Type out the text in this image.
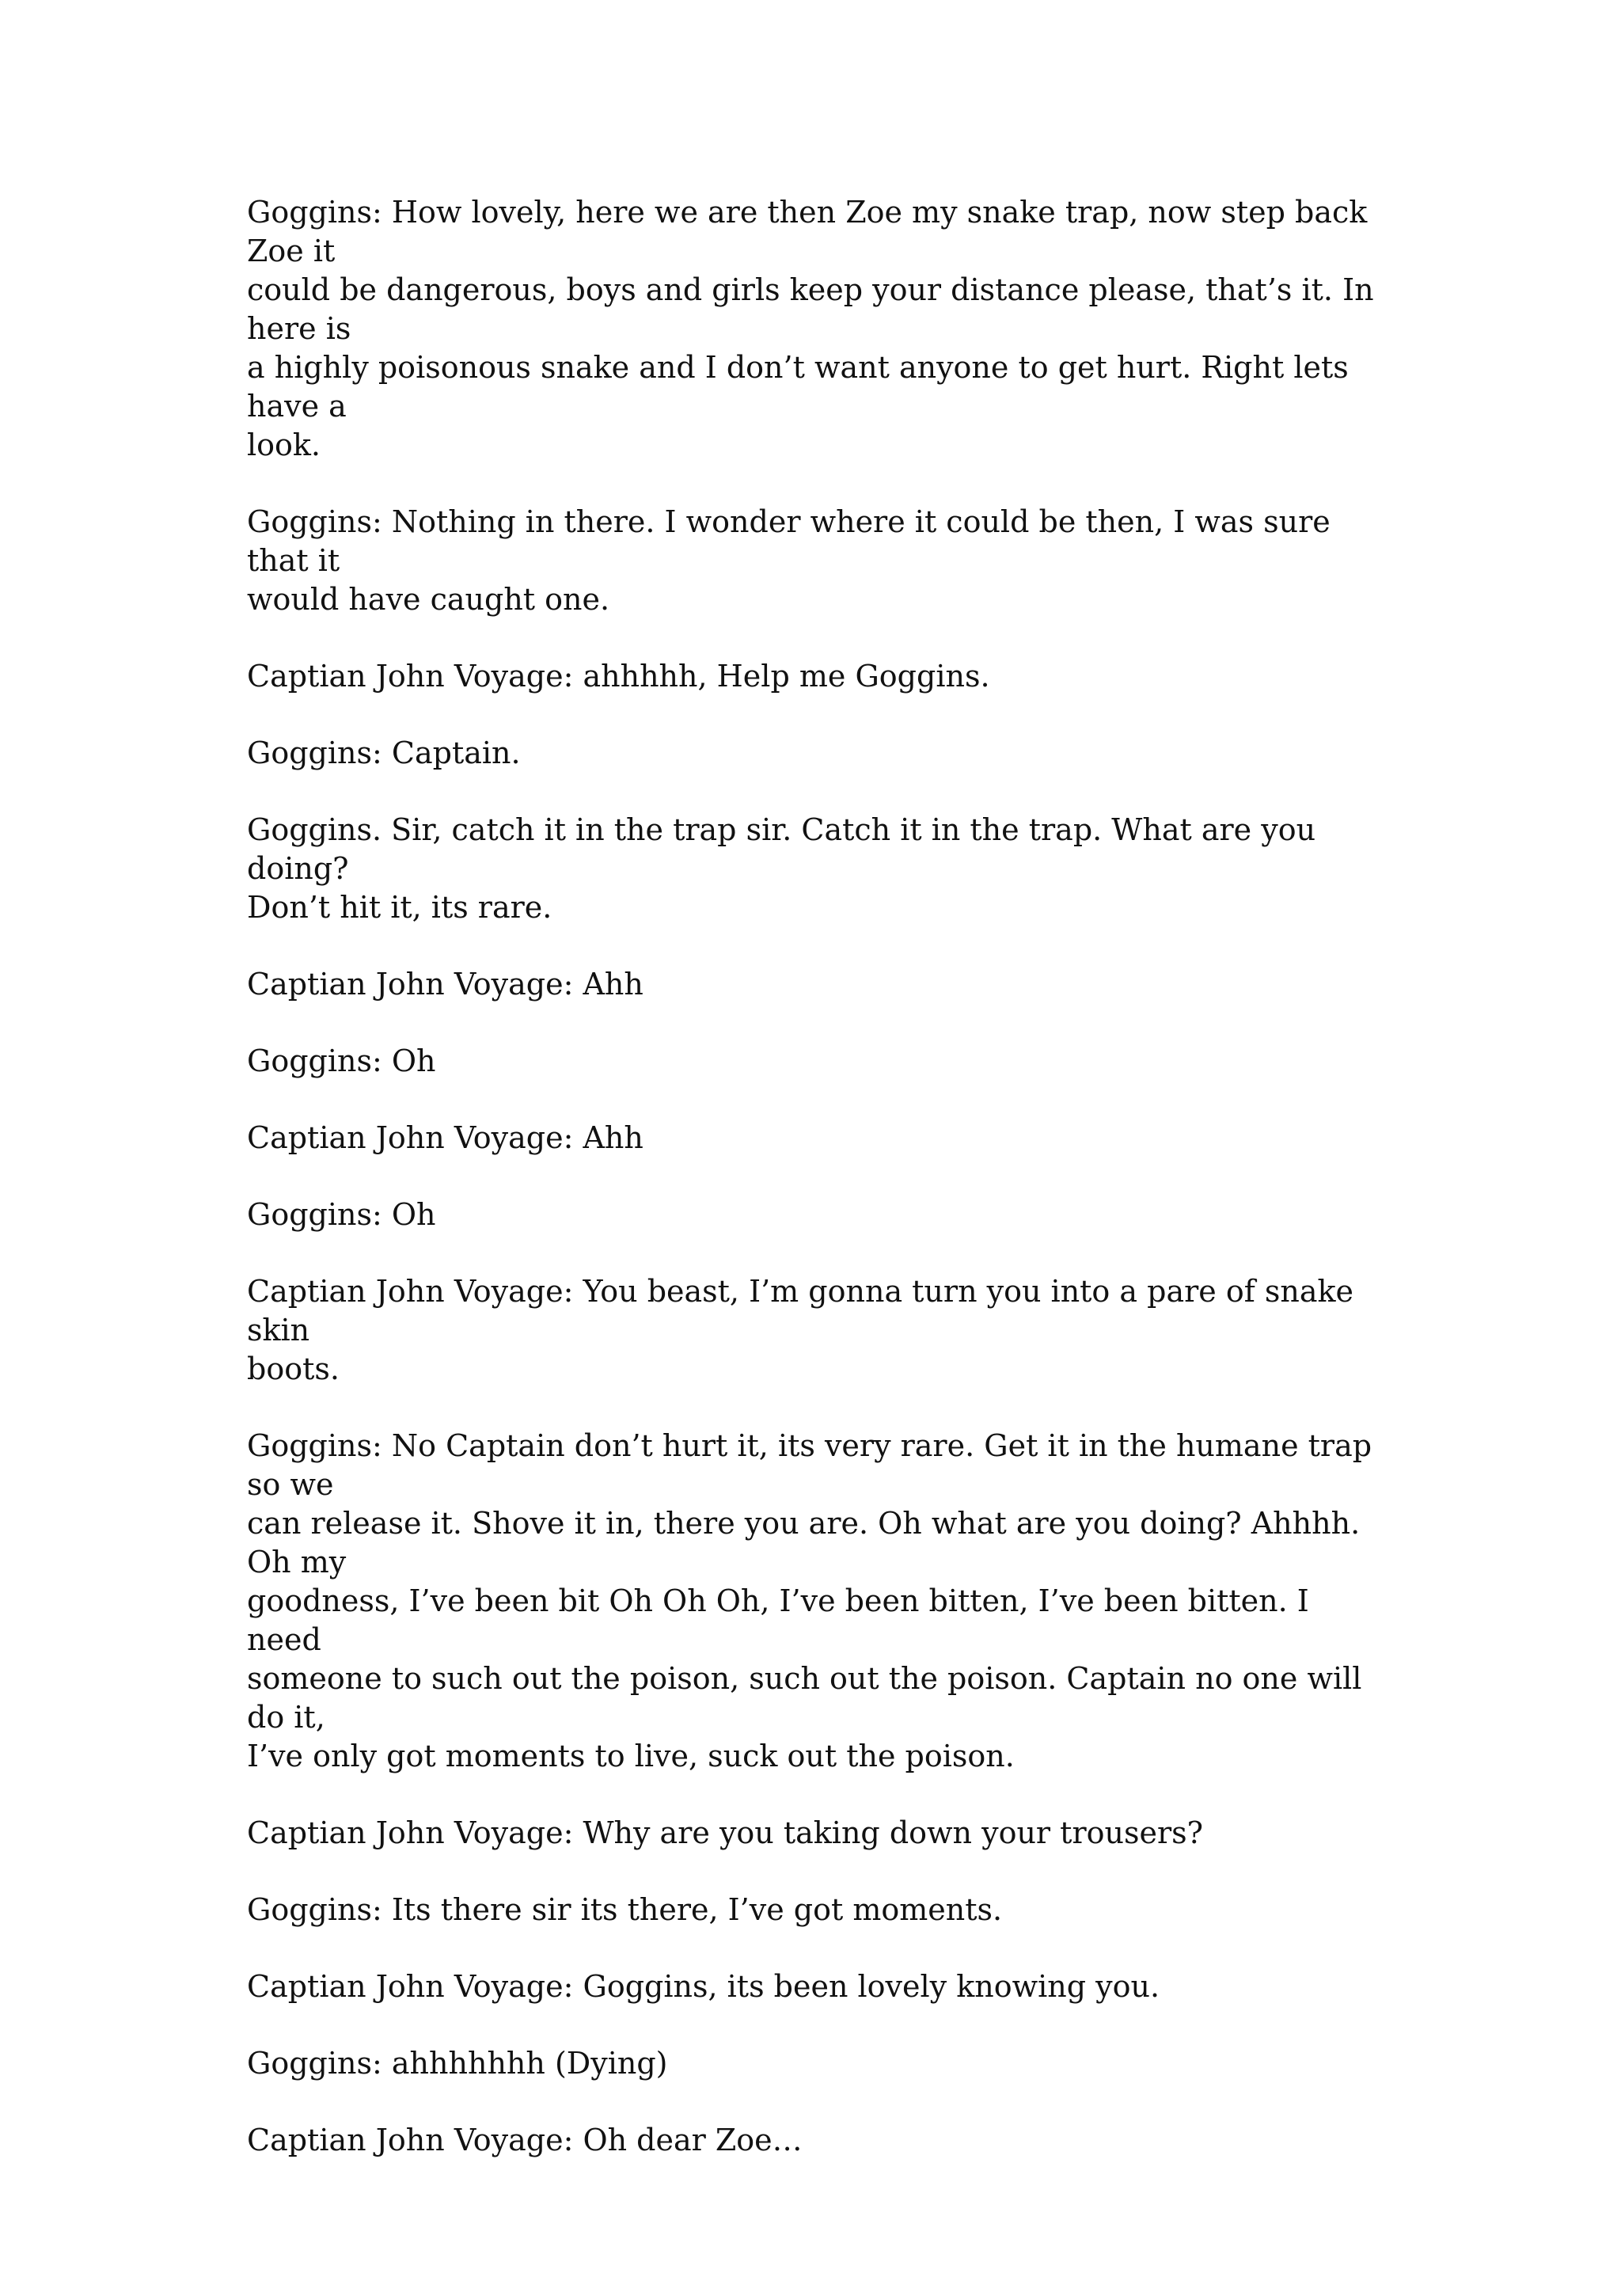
Goggins: How lovely, here we are then Zoe my snake trap, now step back Zoe it
could be dangerous, boys and girls keep your distance please, that’s it. In here is
a highly poisonous snake and I don’t want anyone to get hurt. Right lets have a
look.

Goggins: Nothing in there. I wonder where it could be then, I was sure that it
would have caught one.

Captian John Voyage: ahhhhh, Help me Goggins.

Goggins: Captain.

Goggins. Sir, catch it in the trap sir. Catch it in the trap. What are you doing?
Don’t hit it, its rare.

Captian John Voyage: Ahh

Goggins: Oh

Captian John Voyage: Ahh

Goggins: Oh

Captian John Voyage: You beast, I’m gonna turn you into a pare of snake skin
boots.

Goggins: No Captain don’t hurt it, its very rare. Get it in the humane trap so we
can release it. Shove it in, there you are. Oh what are you doing? Ahhhh. Oh my
goodness, I’ve been bit Oh Oh Oh, I’ve been bitten, I’ve been bitten. I need
someone to such out the poison, such out the poison. Captain no one will do it,
I’ve only got moments to live, suck out the poison.

Captian John Voyage: Why are you taking down your trousers?

Goggins: Its there sir its there, I’ve got moments.

Captian John Voyage: Goggins, its been lovely knowing you.

Goggins: ahhhhhhh (Dying)

Captian John Voyage: Oh dear Zoe…
